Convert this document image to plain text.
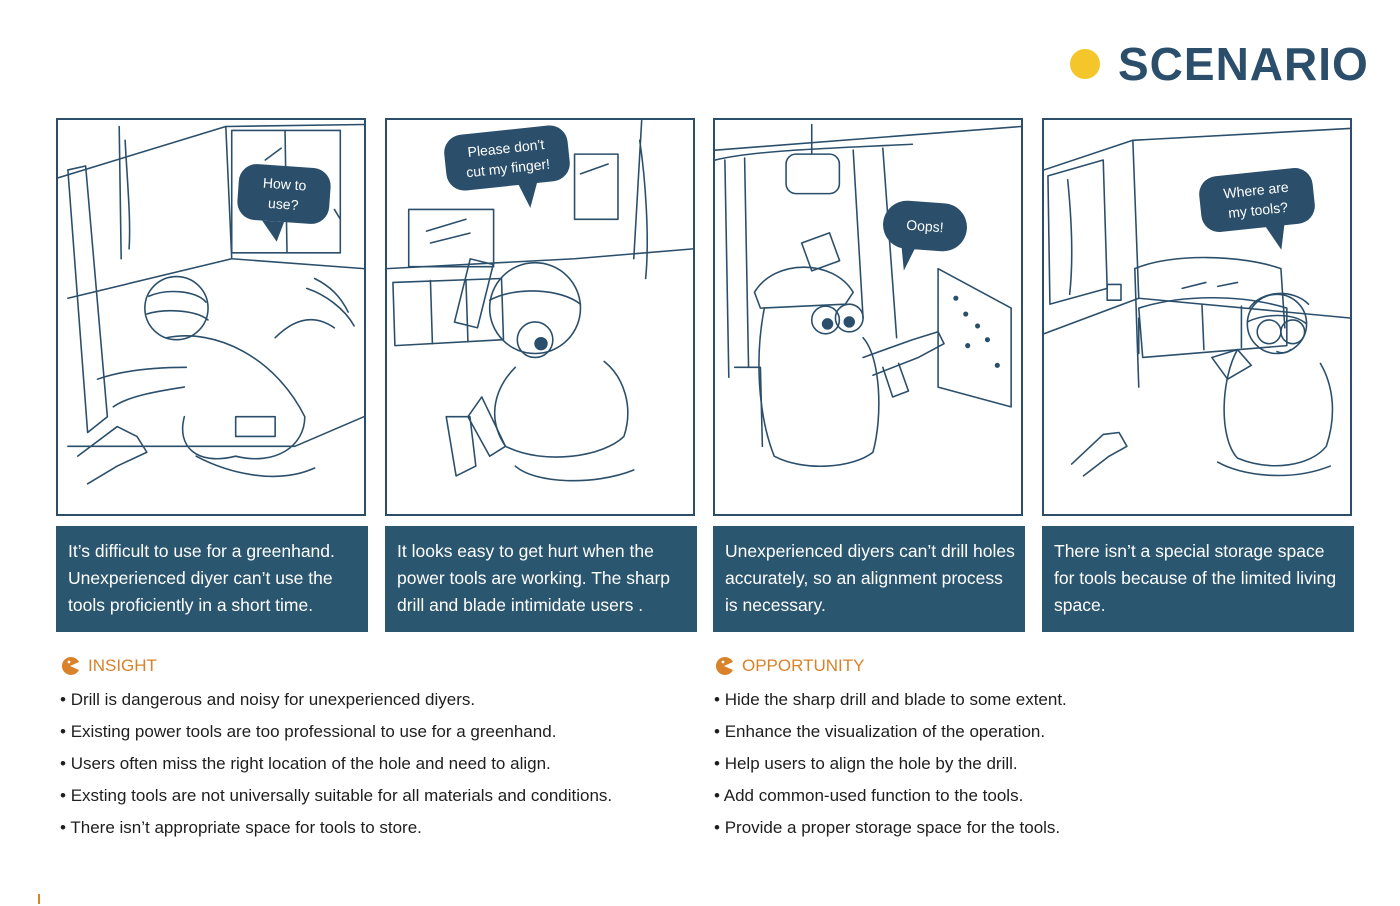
SCENARIO
How to use?
Please don’t cut my finger!
Oops!
Where are my tools?
It’s difficult to use for a greenhand. Unexperienced diyer can’t use the tools proficiently in a short time.
It looks easy to get hurt when the power tools are working. The sharp drill and blade intimidate users .
Unexperienced diyers can’t drill holes accurately, so an alignment process is necessary.
There isn’t a special storage space for tools because of the limited living space.
INSIGHT
• Drill is dangerous and noisy for unexperienced diyers.
• Existing power tools are too professional to use for a greenhand.
• Users often miss the right location of the hole and need to align.
• Exsting tools are not universally suitable for all materials and conditions.
• There isn’t appropriate space for tools to store.
OPPORTUNITY
• Hide the sharp drill and blade to some extent.
• Enhance the visualization of the operation.
• Help users to align the hole by the drill.
• Add common-used function to the tools.
• Provide a proper storage space for the tools.
